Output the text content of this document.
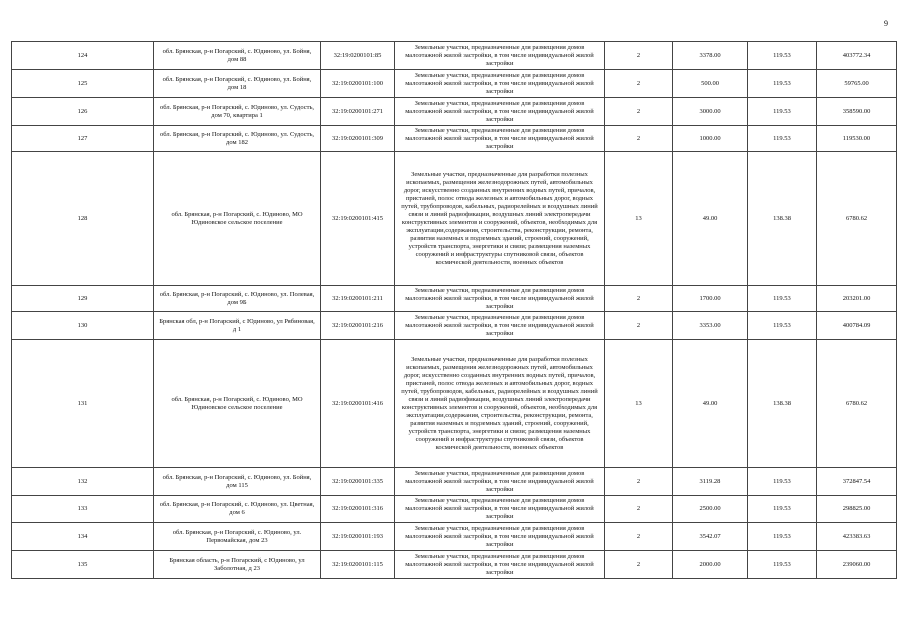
9
124	обл. Брянская, р-н Погарский, с. Юдиново, ул. Бойня, дом 88	32:19:0200101:85	Земельные участки, предназначенные для размещения домов малоэтажной жилой застройки, в том числе индивидуальной жилой застройки	2	3378.00	119.53	403772.34
125	обл. Брянская, р-н Погарский, с. Юдиново, ул. Бойня, дом 18	32:19:0200101:100	Земельные участки, предназначенные для размещения домов малоэтажной жилой застройки, в том числе индивидуальной жилой застройки	2	500.00	119.53	59765.00
126	обл. Брянская, р-н Погарский, с. Юдиново, ул. Судость, дом 70, квартира 1	32:19:0200101:271	Земельные участки, предназначенные для размещения домов малоэтажной жилой застройки, в том числе индивидуальной жилой застройки	2	3000.00	119.53	358590.00
127	обл. Брянская, р-н Погарский, с. Юдиново, ул. Судость, дом 182	32:19:0200101:309	Земельные участки, предназначенные для размещения домов малоэтажной жилой застройки, в том числе индивидуальной жилой застройки	2	1000.00	119.53	119530.00
128	обл. Брянская, р-н Погарский, с. Юдиново, МО Юдиновское сельское поселение	32:19:0200101:415	Земельные участки, предназначенные для разработки полезных ископаемых, размещения железнодорожных путей, автомобильных дорог, искусственно созданных внутренних водных путей, причалов, пристаней, полос отвода железных и автомобильных дорог, водных путей, трубопроводов, кабельных, радиорелейных и воздушных линий связи и линий радиофикации, воздушных линий электропередачи конструктивных элементов и сооружений, объектов, необходимых для эксплуатации,содержания, строительства, реконструкции, ремонта, развития наземных и подземных зданий, строений, сооружений, устройств транспорта, энергетики и связи; размещения наземных сооружений и инфраструктуры спутниковой связи, объектов космической деятельности, военных объектов	13	49.00	138.38	6780.62
129	обл. Брянская, р-н Погарский, с. Юдиново, ул. Полевая, дом 9Б	32:19:0200101:211	Земельные участки, предназначенные для размещения домов малоэтажной жилой застройки, в том числе индивидуальной жилой застройки	2	1700.00	119.53	203201.00
130	Брянская обл, р-н Погарский, с Юдиново, ул Рябиновая, д 1	32:19:0200101:216	Земельные участки, предназначенные для размещения домов малоэтажной жилой застройки, в том числе индивидуальной жилой застройки	2	3353.00	119.53	400784.09
131	обл. Брянская, р-н Погарский, с. Юдиново, МО Юдиновское сельское поселение	32:19:0200101:416	Земельные участки, предназначенные для разработки полезных ископаемых, размещения железнодорожных путей, автомобильных дорог, искусственно созданных внутренних водных путей, причалов, пристаней, полос отвода железных и автомобильных дорог, водных путей, трубопроводов, кабельных, радиорелейных и воздушных линий связи и линий радиофикации, воздушных линий электропередачи конструктивных элементов и сооружений, объектов, необходимых для эксплуатации,содержания, строительства, реконструкции, ремонта, развития наземных и подземных зданий, строений, сооружений, устройств транспорта, энергетики и связи; размещения наземных сооружений и инфраструктуры спутниковой связи, объектов космической деятельности, военных объектов	13	49.00	138.38	6780.62
132	обл. Брянская, р-н Погарский, с. Юдиново, ул. Бойня, дом 115	32:19:0200101:335	Земельные участки, предназначенные для размещения домов малоэтажной жилой застройки, в том числе индивидуальной жилой застройки	2	3119.28	119.53	372847.54
133	обл. Брянская, р-н Погарский, с. Юдиново, ул. Цветная, дом 6	32:19:0200101:316	Земельные участки, предназначенные для размещения домов малоэтажной жилой застройки, в том числе индивидуальной жилой застройки	2	2500.00	119.53	298825.00
134	обл. Брянская, р-н Погарский, с. Юдиново, ул. Первомайская, дом 23	32:19:0200101:193	Земельные участки, предназначенные для размещения домов малоэтажной жилой застройки, в том числе индивидуальной жилой застройки	2	3542.07	119.53	423383.63
135	Брянская область, р-н Погарский, с Юдиново, ул Заболотная, д 23	32:19:0200101:115	Земельные участки, предназначенные для размещения домов малоэтажной жилой застройки, в том числе индивидуальной жилой застройки	2	2000.00	119.53	239060.00
